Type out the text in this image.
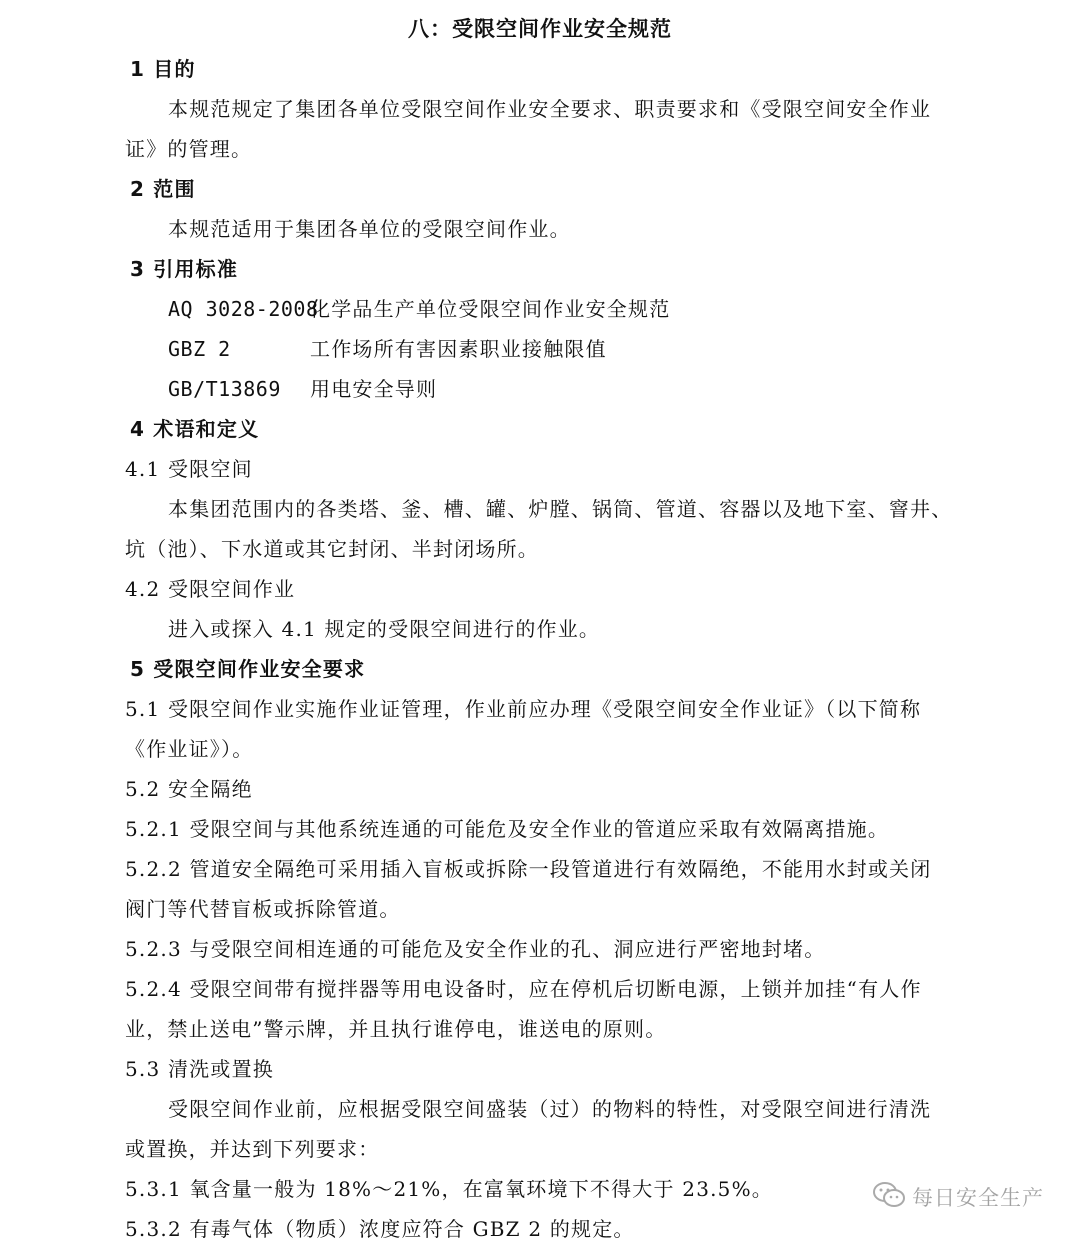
八：受限空间作业安全规范
1 目的
本规范规定了集团各单位受限空间作业安全要求、职责要求和《受限空间安全作业
证》的管理。
2 范围
本规范适用于集团各单位的受限空间作业。
3 引用标准
AQ 3028-2008化学品生产单位受限空间作业安全规范
GBZ 2	工作场所有害因素职业接触限值
GB/T13869 用电安全导则
4 术语和定义
4.1 受限空间
本集团范围内的各类塔、釜、槽、罐、炉膛、锅筒、管道、容器以及地下室、窨井、
坑（池）、下水道或其它封闭、半封闭场所。
4.2 受限空间作业
进入或探入 4.1 规定的受限空间进行的作业。
5 受限空间作业安全要求
5.1 受限空间作业实施作业证管理，作业前应办理《受限空间安全作业证》（以下简称
《作业证》）。
5.2 安全隔绝
5.2.1 受限空间与其他系统连通的可能危及安全作业的管道应采取有效隔离措施。
5.2.2 管道安全隔绝可采用插入盲板或拆除一段管道进行有效隔绝，不能用水封或关闭
阀门等代替盲板或拆除管道。
5.2.3 与受限空间相连通的可能危及安全作业的孔、洞应进行严密地封堵。
5.2.4 受限空间带有搅拌器等用电设备时，应在停机后切断电源，上锁并加挂“有人作
业，禁止送电”警示牌，并且执行谁停电，谁送电的原则。
5.3 清洗或置换
受限空间作业前，应根据受限空间盛装（过）的物料的特性，对受限空间进行清洗
或置换，并达到下列要求：
5.3.1 氧含量一般为 18%～21%，在富氧环境下不得大于 23.5%。
5.3.2 有毒气体（物质）浓度应符合 GBZ 2 的规定。
每日安全生产
